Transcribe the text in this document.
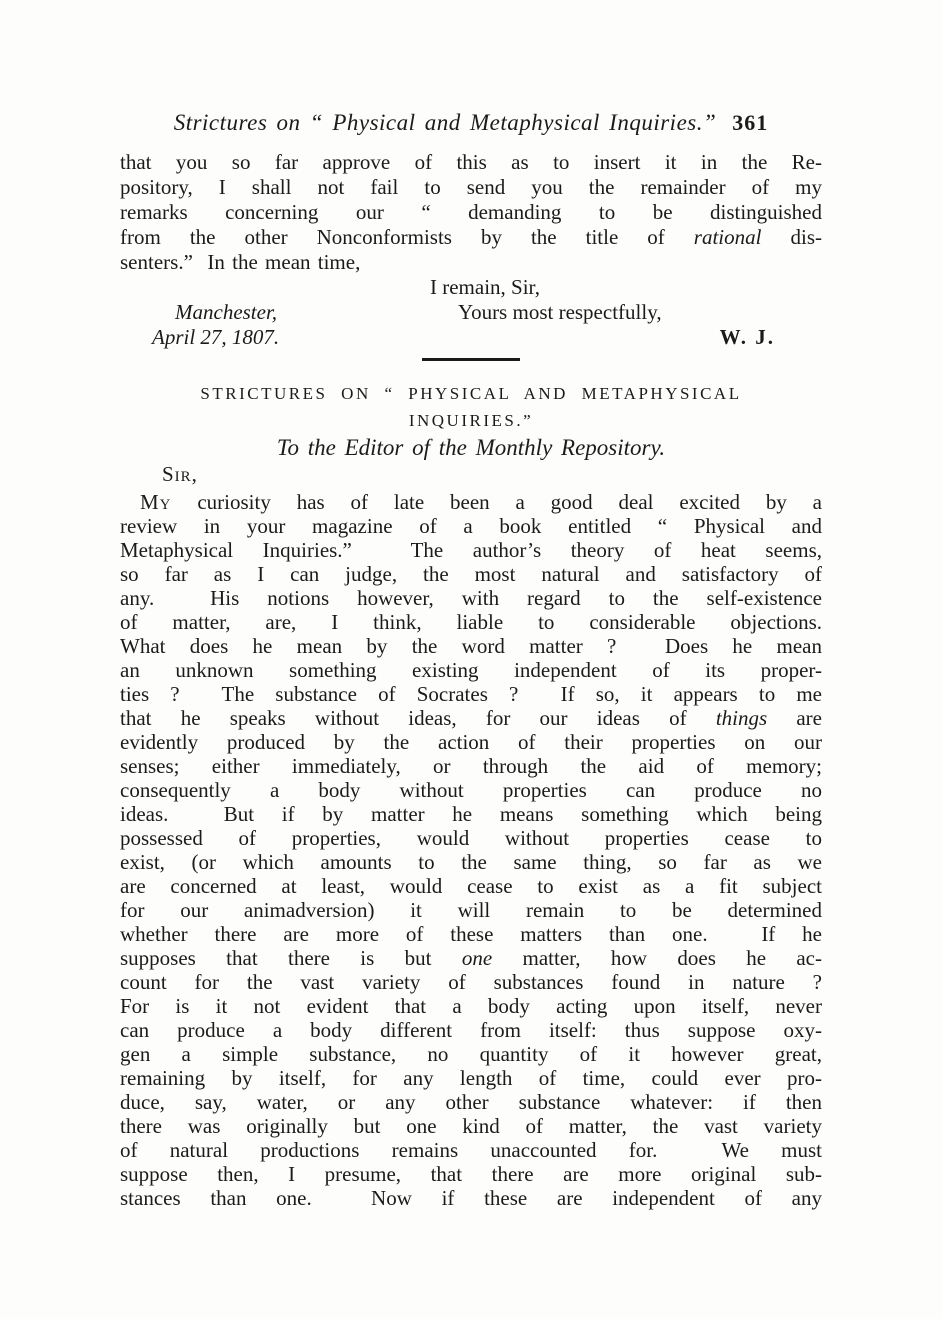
Strictures on “ Physical and Metaphysical Inquiries.” 361
that you so far approve of this as to insert it in the Re-
pository, I shall not fail to send you the remainder of my
remarks concerning our “ demanding to be distinguished
from the other Nonconformists by the title of rational dis-
senters.”  In the mean time,
I remain, Sir,
Manchester,	Yours most respectfully,
April 27, 1807.	W. J.
STRICTURES ON “ PHYSICAL AND METAPHYSICAL
INQUIRIES.”
To the Editor of the Monthly Repository.
Sir,
My curiosity has of late been a good deal excited by a
review in your magazine of a book entitled “ Physical and
Metaphysical Inquiries.”  The author’s theory of heat seems,
so far as I can judge, the most natural and satisfactory of
any.  His notions however, with regard to the self-existence
of matter, are, I think, liable to considerable objections.
What does he mean by the word matter ?  Does he mean
an unknown something existing independent of its proper-
ties ?  The substance of Socrates ?  If so, it appears to me
that he speaks without ideas, for our ideas of things are
evidently produced by the action of their properties on our
senses; either immediately, or through the aid of memory;
consequently a body without properties can produce no
ideas.  But if by matter he means something which being
possessed of properties, would without properties cease to
exist, (or which amounts to the same thing, so far as we
are concerned at least, would cease to exist as a fit subject
for our animadversion) it will remain to be determined
whether there are more of these matters than one.  If he
supposes that there is but one matter, how does he ac-
count for the vast variety of substances found in nature ?
For is it not evident that a body acting upon itself, never
can produce a body different from itself: thus suppose oxy-
gen a simple substance, no quantity of it however great,
remaining by itself, for any length of time, could ever pro-
duce, say, water, or any other substance whatever: if then
there was originally but one kind of matter, the vast variety
of natural productions remains unaccounted for.  We must
suppose then, I presume, that there are more original sub-
stances than one.  Now if these are independent of any
